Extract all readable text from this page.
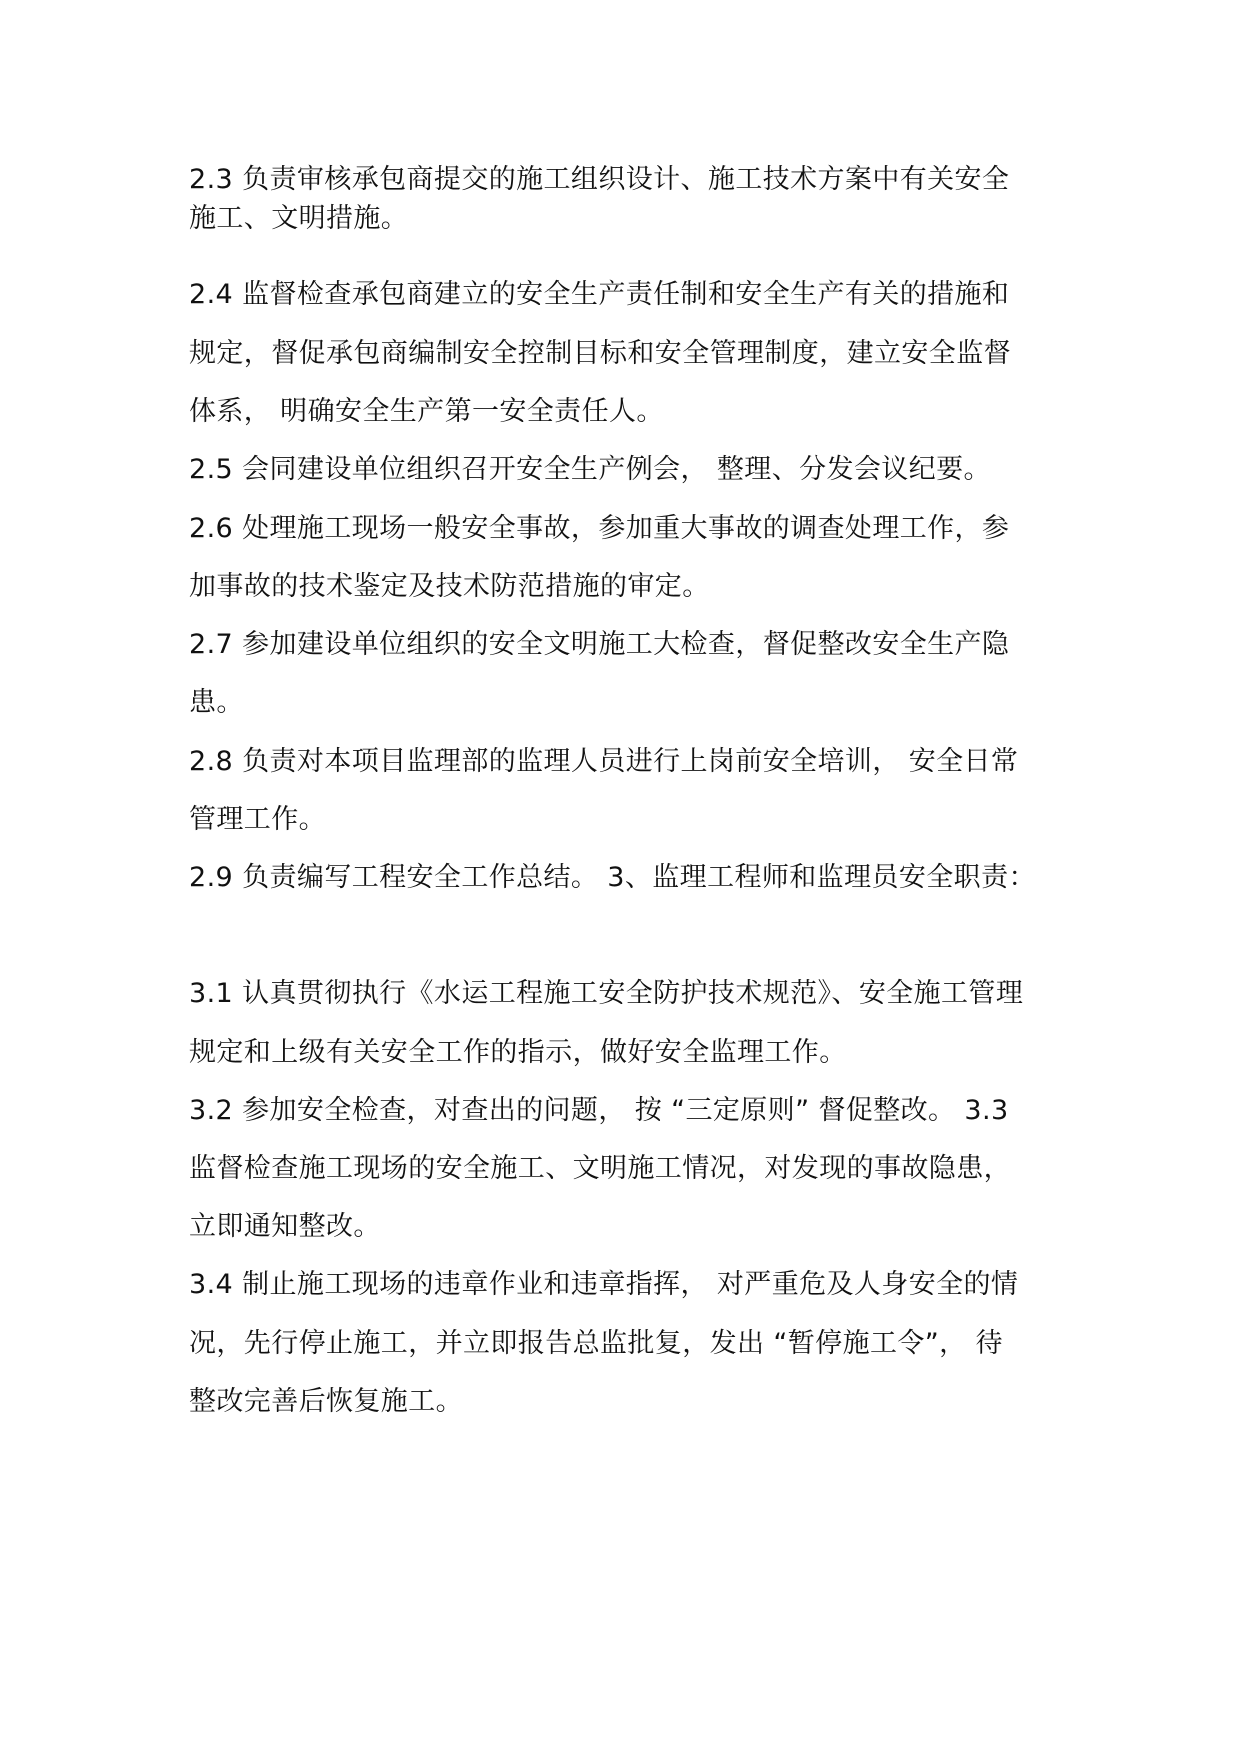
2.3 负责审核承包商提交的施工组织设计、施工技术方案中有关安全
施工、文明措施。
2.4 监督检查承包商建立的安全生产责任制和安全生产有关的措施和
规定，督促承包商编制安全控制目标和安全管理制度，建立安全监督
体系， 明确安全生产第一安全责任人。
2.5 会同建设单位组织召开安全生产例会， 整理、分发会议纪要。
2.6 处理施工现场一般安全事故，参加重大事故的调查处理工作，参
加事故的技术鉴定及技术防范措施的审定。
2.7 参加建设单位组织的安全文明施工大检查，督促整改安全生产隐
患。
2.8 负责对本项目监理部的监理人员进行上岗前安全培训， 安全日常
管理工作。
2.9 负责编写工程安全工作总结。 3、监理工程师和监理员安全职责：
3.1 认真贯彻执行《水运工程施工安全防护技术规范》、安全施工管理
规定和上级有关安全工作的指示，做好安全监理工作。
3.2 参加安全检查，对查出的问题， 按 “三定原则” 督促整改。 3.3
监督检查施工现场的安全施工、文明施工情况，对发现的事故隐患，
立即通知整改。
3.4 制止施工现场的违章作业和违章指挥， 对严重危及人身安全的情
况，先行停止施工，并立即报告总监批复，发出 “暂停施工令”， 待
整改完善后恢复施工。
